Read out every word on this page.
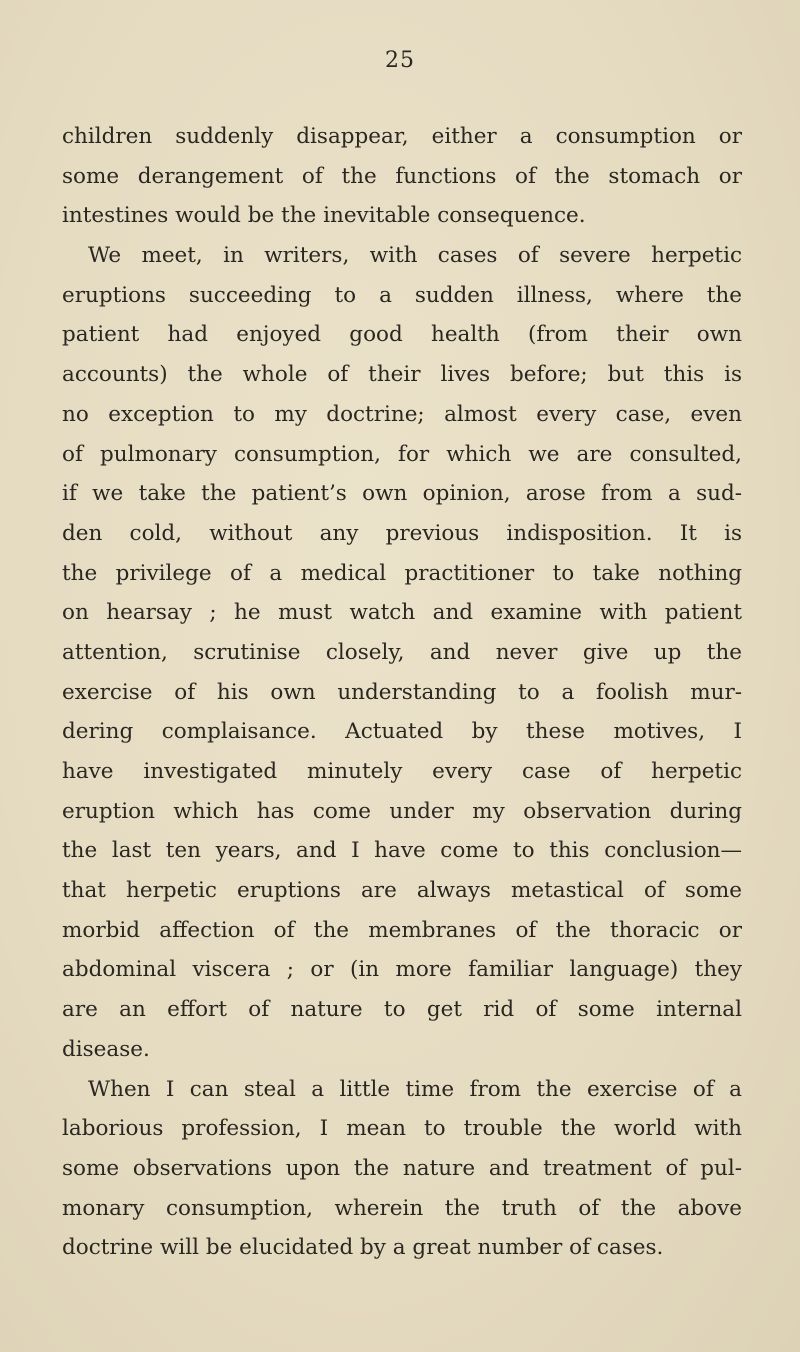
25
children suddenly disappear, either a consumption or
some derangement of the functions of the stomach or
intestines would be the inevitable consequence.
We meet, in writers, with cases of severe herpetic
eruptions succeeding to a sudden illness, where the
patient had enjoyed good health (from their own
accounts) the whole of their lives before; but this is
no exception to my doctrine; almost every case, even
of pulmonary consumption, for which we are consulted,
if we take the patient’s own opinion, arose from a sud-
den cold, without any previous indisposition. It is
the privilege of a medical practitioner to take nothing
on hearsay ; he must watch and examine with patient
attention, scrutinise closely, and never give up the
exercise of his own understanding to a foolish mur-
dering complaisance. Actuated by these motives, I
have investigated minutely every case of herpetic
eruption which has come under my observation during
the last ten years, and I have come to this conclusion—
that herpetic eruptions are always metastical of some
morbid affection of the membranes of the thoracic or
abdominal viscera ; or (in more familiar language) they
are an effort of nature to get rid of some internal
disease.
When I can steal a little time from the exercise of a
laborious profession, I mean to trouble the world with
some observations upon the nature and treatment of pul-
monary consumption, wherein the truth of the above
doctrine will be elucidated by a great number of cases.
